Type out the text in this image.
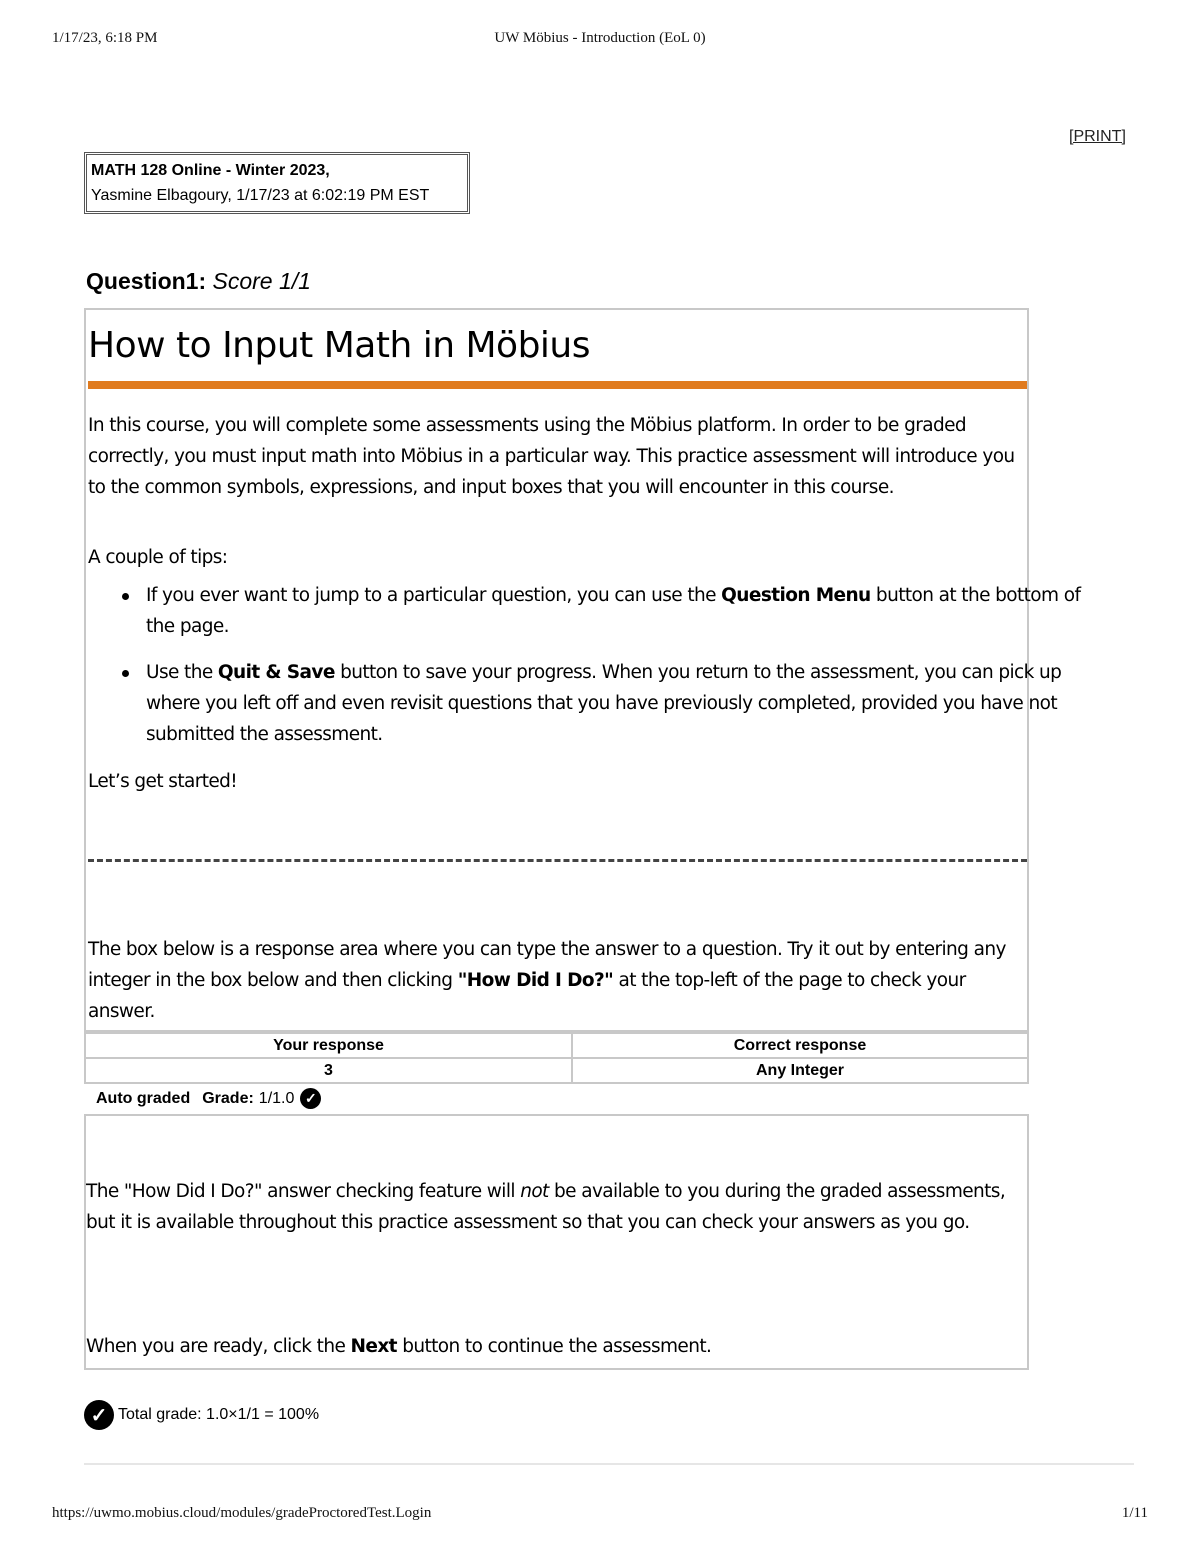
1/17/23, 6:18 PM	UW Möbius - Introduction (EoL 0)
[PRINT]
MATH 128 Online - Winter 2023,
Yasmine Elbagoury, 1/17/23 at 6:02:19 PM EST
Question1: Score 1/1
How to Input Math in Möbius
In this course, you will complete some assessments using the Möbius platform. In order to be graded correctly, you must input math into Möbius in a particular way. This practice assessment will introduce you to the common symbols, expressions, and input boxes that you will encounter in this course.
A couple of tips:
If you ever want to jump to a particular question, you can use the Question Menu button at the bottom of the page.
Use the Quit & Save button to save your progress. When you return to the assessment, you can pick up where you left off and even revisit questions that you have previously completed, provided you have not submitted the assessment.
Let’s get started!
The box below is a response area where you can type the answer to a question. Try it out by entering any integer in the box below and then clicking "How Did I Do?" at the top-left of the page to check your answer.
Your response	Correct response
3	Any Integer
Auto graded Grade: 1/1.0 ✓
The "How Did I Do?" answer checking feature will not be available to you during the graded assessments, but it is available throughout this practice assessment so that you can check your answers as you go.
When you are ready, click the Next button to continue the assessment.
✓ Total grade: 1.0×1/1 = 100%
https://uwmo.mobius.cloud/modules/gradeProctoredTest.Login	1/11
